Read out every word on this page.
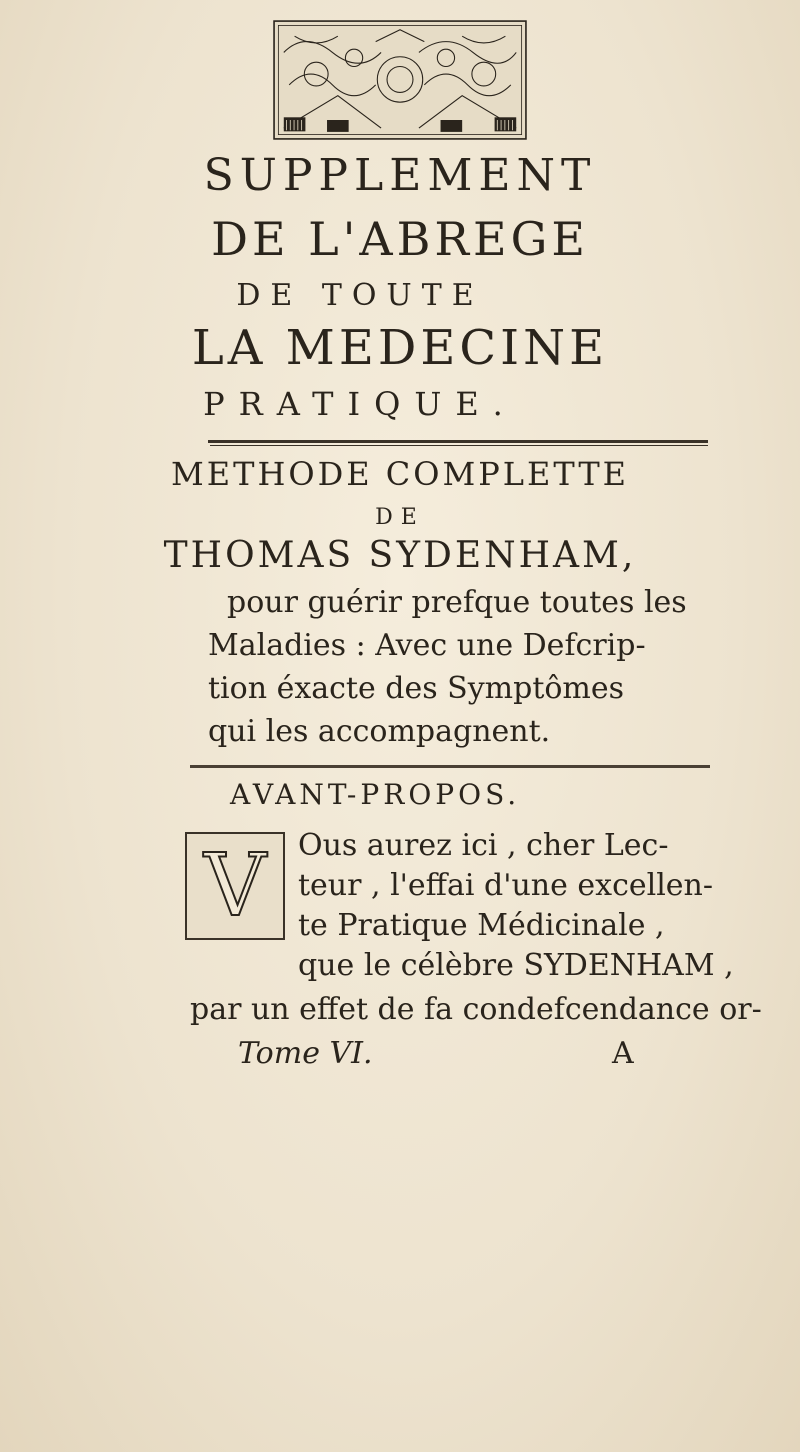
SUPPLEMENT
DE L'ABREGE
DE TOUTE
LA MEDECINE
PRATIQUE.
METHODE COMPLETTE
DE
THOMAS SYDENHAM,
pour guérir prefque toutes les
Maladies : Avec une Defcrip-
tion éxacte des Symptômes
qui les accompagnent.
AVANT-PROPOS.
V	Ous aurez ici , cher Lec-
teur , l'effai d'une excellen-
te Pratique Médicinale ,
que le célèbre SYDENHAM ,
par un effet de fa condefcendance or-
Tome VI.	A
